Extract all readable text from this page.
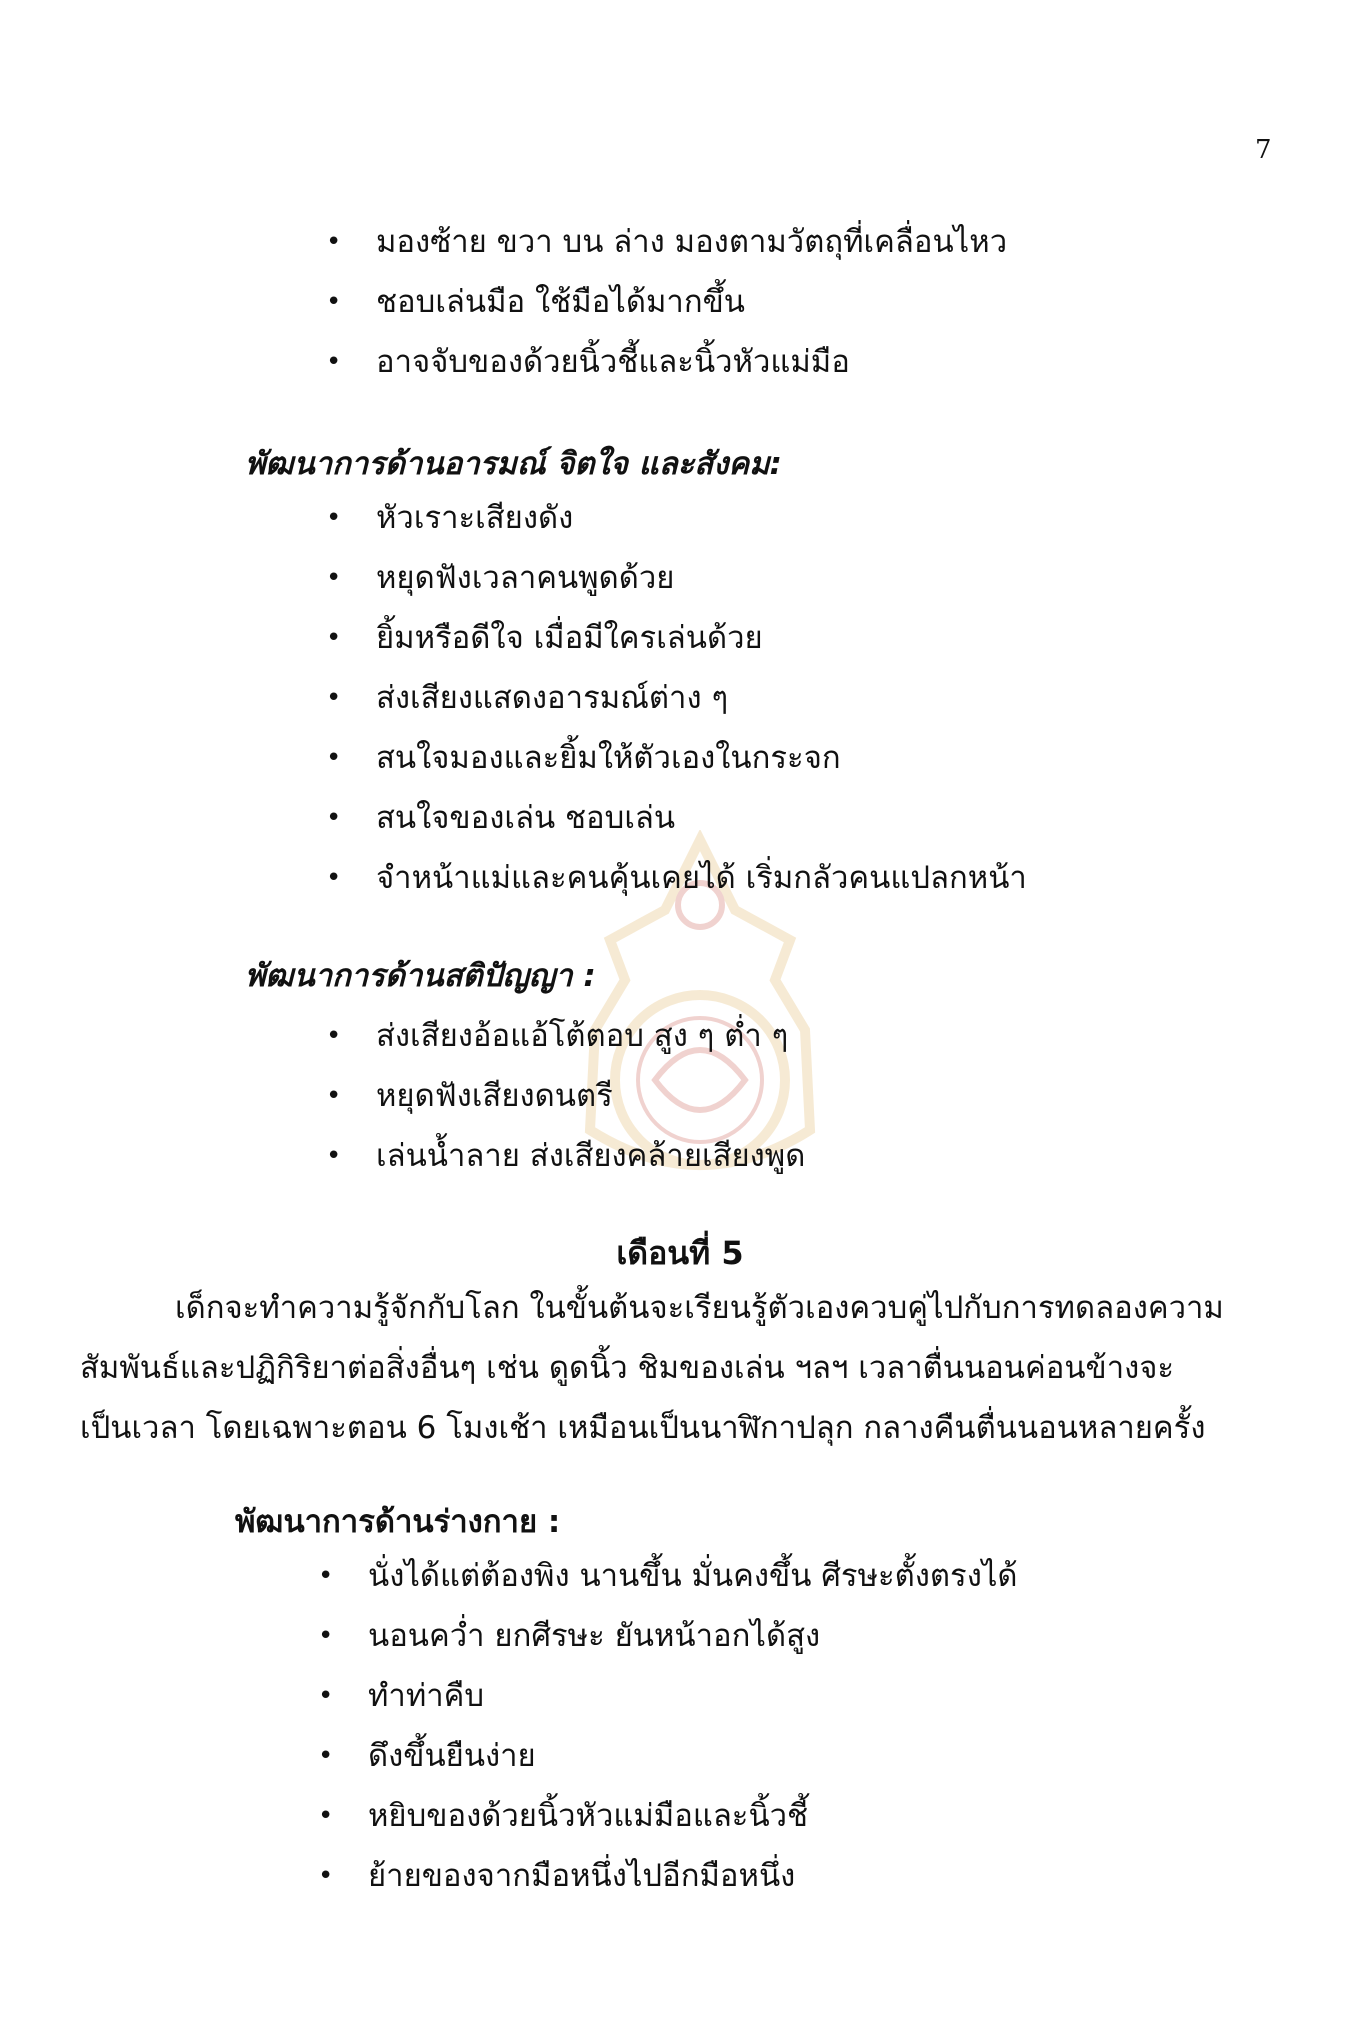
7
• มองซ้าย ขวา บน ล่าง มองตามวัตถุที่เคลื่อนไหว
• ชอบเล่นมือ ใช้มือได้มากขึ้น
• อาจจับของด้วยนิ้วชี้และนิ้วหัวแม่มือ
พัฒนาการด้านอารมณ์ จิตใจ และสังคม:
• หัวเราะเสียงดัง
• หยุดฟังเวลาคนพูดด้วย
• ยิ้มหรือดีใจ เมื่อมีใครเล่นด้วย
• ส่งเสียงแสดงอารมณ์ต่าง ๆ
• สนใจมองและยิ้มให้ตัวเองในกระจก
• สนใจของเล่น ชอบเล่น
• จำหน้าแม่และคนคุ้นเคยได้ เริ่มกลัวคนแปลกหน้า
พัฒนาการด้านสติปัญญา :
• ส่งเสียงอ้อแอ้โต้ตอบ สูง ๆ ต่ำ ๆ
• หยุดฟังเสียงดนตรี
• เล่นน้ำลาย ส่งเสียงคล้ายเสียงพูด
เดือนที่ 5
เด็กจะทำความรู้จักกับโลก ในขั้นต้นจะเรียนรู้ตัวเองควบคู่ไปกับการทดลองความ
สัมพันธ์และปฏิกิริยาต่อสิ่งอื่นๆ เช่น ดูดนิ้ว ชิมของเล่น ฯลฯ เวลาตื่นนอนค่อนข้างจะ
เป็นเวลา โดยเฉพาะตอน 6 โมงเช้า เหมือนเป็นนาฬิกาปลุก กลางคืนตื่นนอนหลายครั้ง
พัฒนาการด้านร่างกาย :
• นั่งได้แต่ต้องพิง นานขึ้น มั่นคงขึ้น ศีรษะตั้งตรงได้
• นอนคว่ำ ยกศีรษะ ยันหน้าอกได้สูง
• ทำท่าคืบ
• ดึงขึ้นยืนง่าย
• หยิบของด้วยนิ้วหัวแม่มือและนิ้วชี้
• ย้ายของจากมือหนึ่งไปอีกมือหนึ่ง
